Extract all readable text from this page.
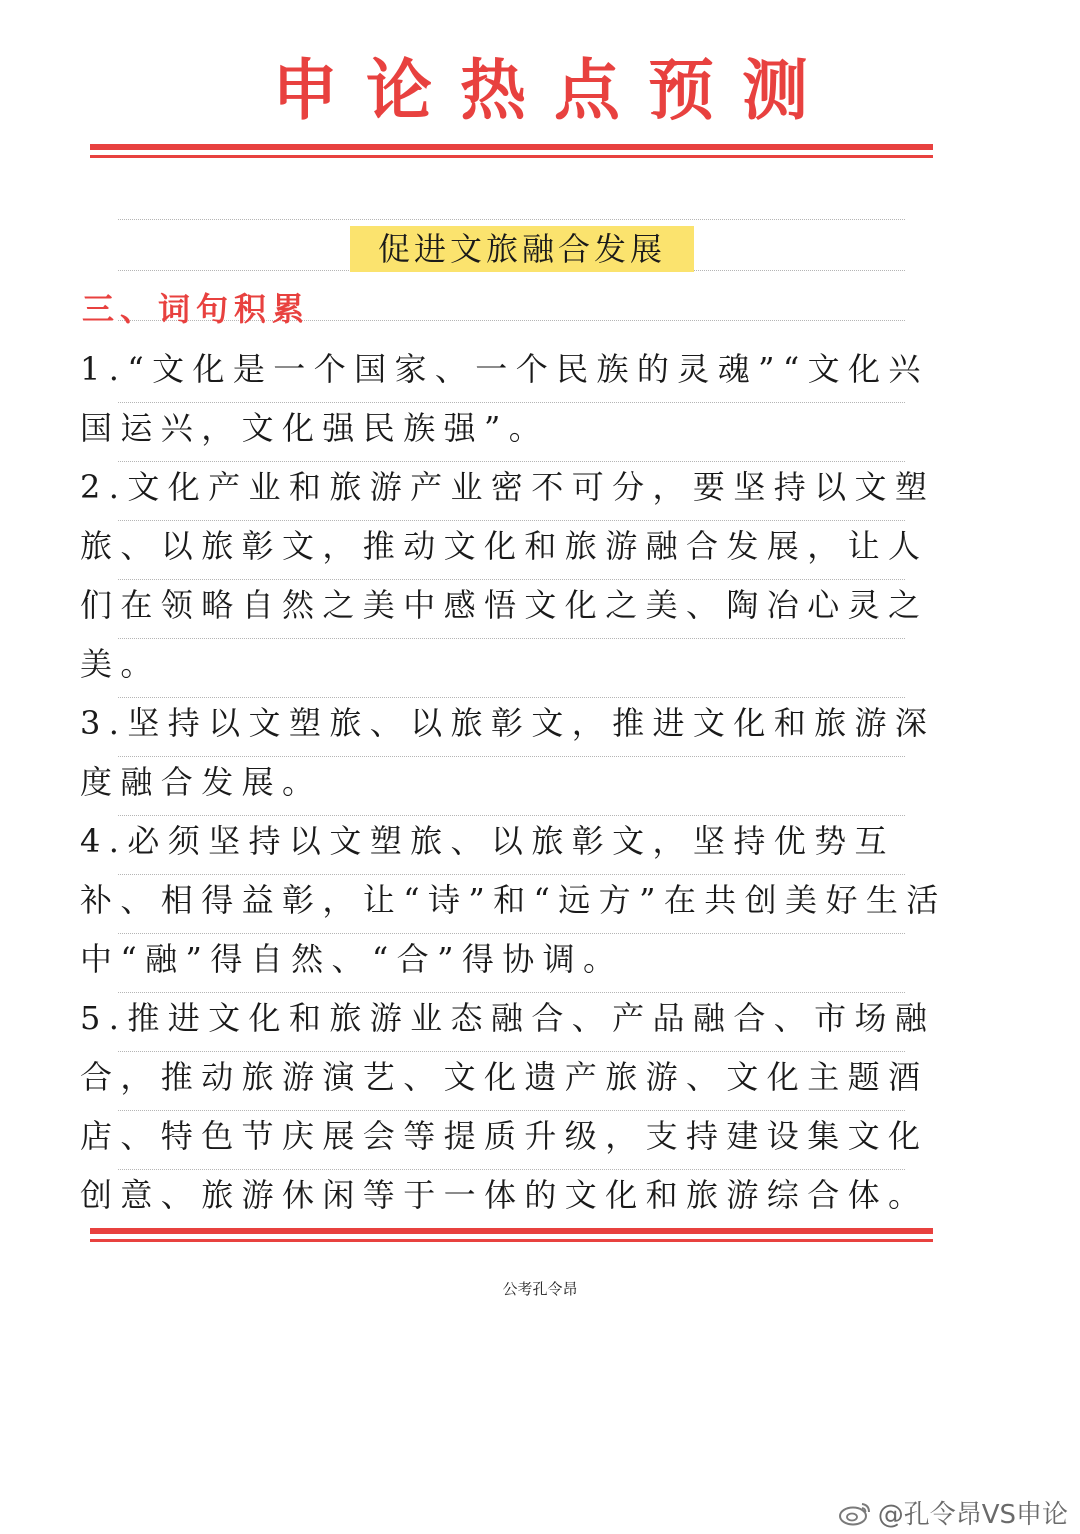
申论热点预测
促进文旅融合发展
三、词句积累

1.“文化是一个国家、一个民族的灵魂”“文化兴国运兴，文化强民族强”。

2.文化产业和旅游产业密不可分，要坚持以文塑旅、以旅彰文，推动文化和旅游融合发展，让人们在领略自然之美中感悟文化之美、陶冶心灵之美。

3.坚持以文塑旅、以旅彰文，推进文化和旅游深度融合发展。

4.必须坚持以文塑旅、以旅彰文，坚持优势互补、相得益彰，让“诗”和“远方”在共创美好生活中“融”得自然、“合”得协调。

5.推进文化和旅游业态融合、产品融合、市场融合，推动旅游演艺、文化遗产旅游、文化主题酒店、特色节庆展会等提质升级，支持建设集文化创意、旅游休闲等于一体的文化和旅游综合体。

公考孔令昂
@孔令昂VS申论
